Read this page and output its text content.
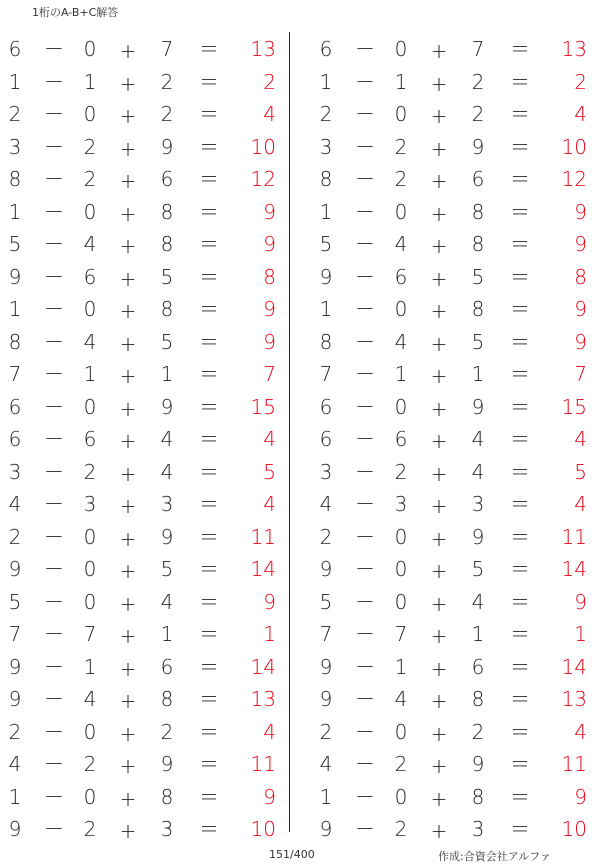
1桁のA-B+C解答
6 － 0 + 7 ＝	13
1 － 1 + 2 ＝	2
2 － 0 + 2 ＝	4
3 － 2 + 9 ＝	10
8 － 2 + 6 ＝	12
1 － 0 + 8 ＝	9
5 － 4 + 8 ＝	9
9 － 6 + 5 ＝	8
1 － 0 + 8 ＝	9
8 － 4 + 5 ＝	9
7 － 1 + 1 ＝	7
6 － 0 + 9 ＝	15
6 － 6 + 4 ＝	4
3 － 2 + 4 ＝	5
4 － 3 + 3 ＝	4
2 － 0 + 9 ＝	11
9 － 0 + 5 ＝	14
5 － 0 + 4 ＝	9
7 － 7 + 1 ＝	1
9 － 1 + 6 ＝	14
9 － 4 + 8 ＝	13
2 － 0 + 2 ＝	4
4 － 2 + 9 ＝	11
1 － 0 + 8 ＝	9
9 － 2 + 3 ＝	10
6 － 0 + 7 ＝	13
1 － 1 + 2 ＝	2
2 － 0 + 2 ＝	4
3 － 2 + 9 ＝	10
8 － 2 + 6 ＝	12
1 － 0 + 8 ＝	9
5 － 4 + 8 ＝	9
9 － 6 + 5 ＝	8
1 － 0 + 8 ＝	9
8 － 4 + 5 ＝	9
7 － 1 + 1 ＝	7
6 － 0 + 9 ＝	15
6 － 6 + 4 ＝	4
3 － 2 + 4 ＝	5
4 － 3 + 3 ＝	4
2 － 0 + 9 ＝	11
9 － 0 + 5 ＝	14
5 － 0 + 4 ＝	9
7 － 7 + 1 ＝	1
9 － 1 + 6 ＝	14
9 － 4 + 8 ＝	13
2 － 0 + 2 ＝	4
4 － 2 + 9 ＝	11
1 － 0 + 8 ＝	9
9 － 2 + 3 ＝	10
151/400	作成:合資会社アルファ
